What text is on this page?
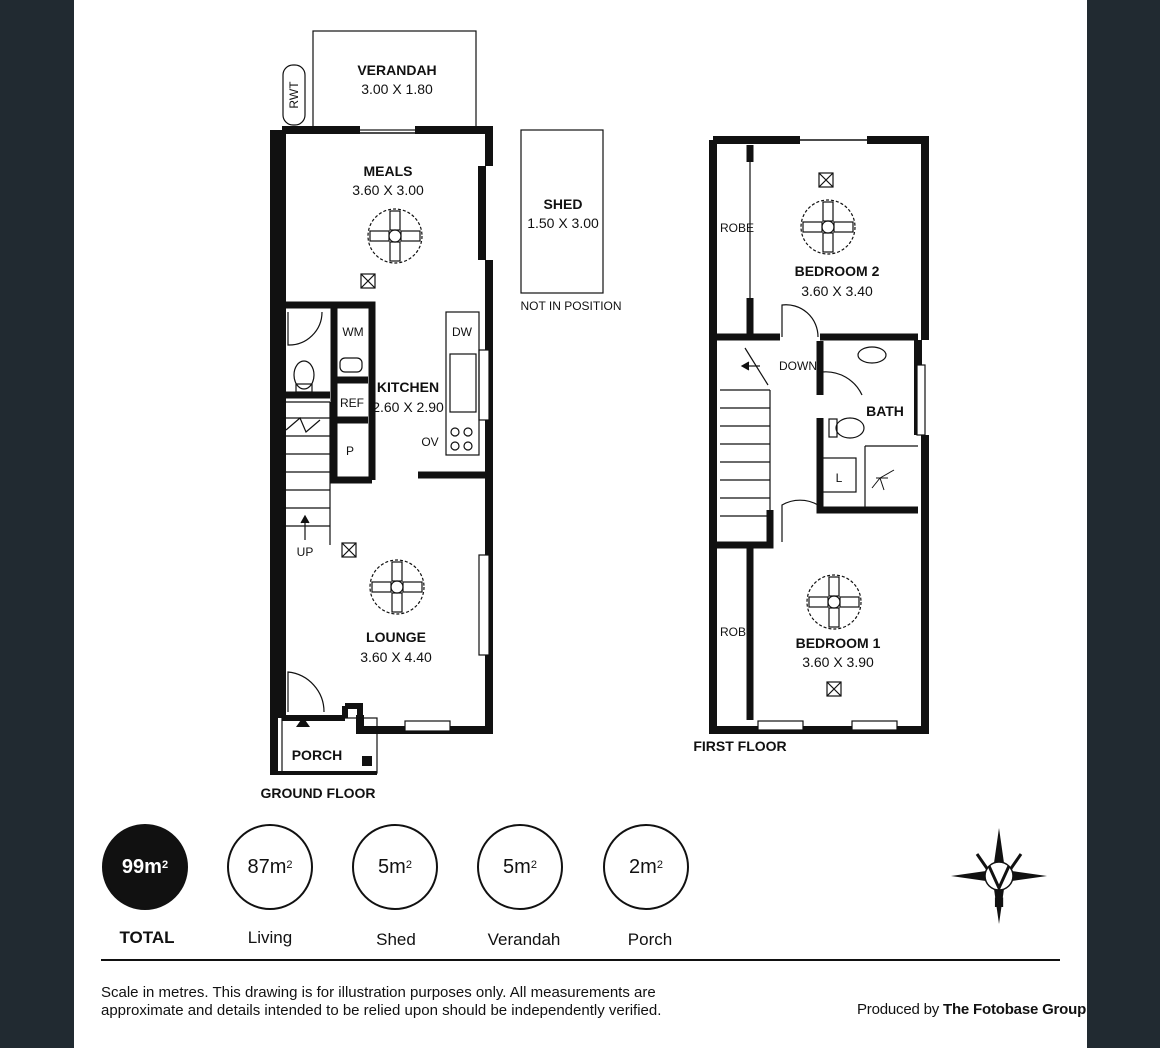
VERANDAH
3.00 X 1.80
RWT
MEALS
3.60 X 3.00
SHED
1.50 X 3.00
NOT IN POSITION
WM	DW
KITCHEN
2.60 X 2.90
REF
P
OV
UP
LOUNGE
3.60 X 4.40
PORCH
GROUND FLOOR
ROBE
BEDROOM 2
3.60 X 3.40
DOWN
BATH
L
ROBE
BEDROOM 1
3.60 X 3.90
FIRST FLOOR
N
$99m^2$	$87m^2$	$5m^2$	$5m^2$	$2m^2$
TOTAL	Living	Shed	Verandah	Porch
Scale in metres. This drawing is for illustration purposes only. All measurements are approximate and details intended to be relied upon should be independently verified.	Produced by The Fotobase Group
